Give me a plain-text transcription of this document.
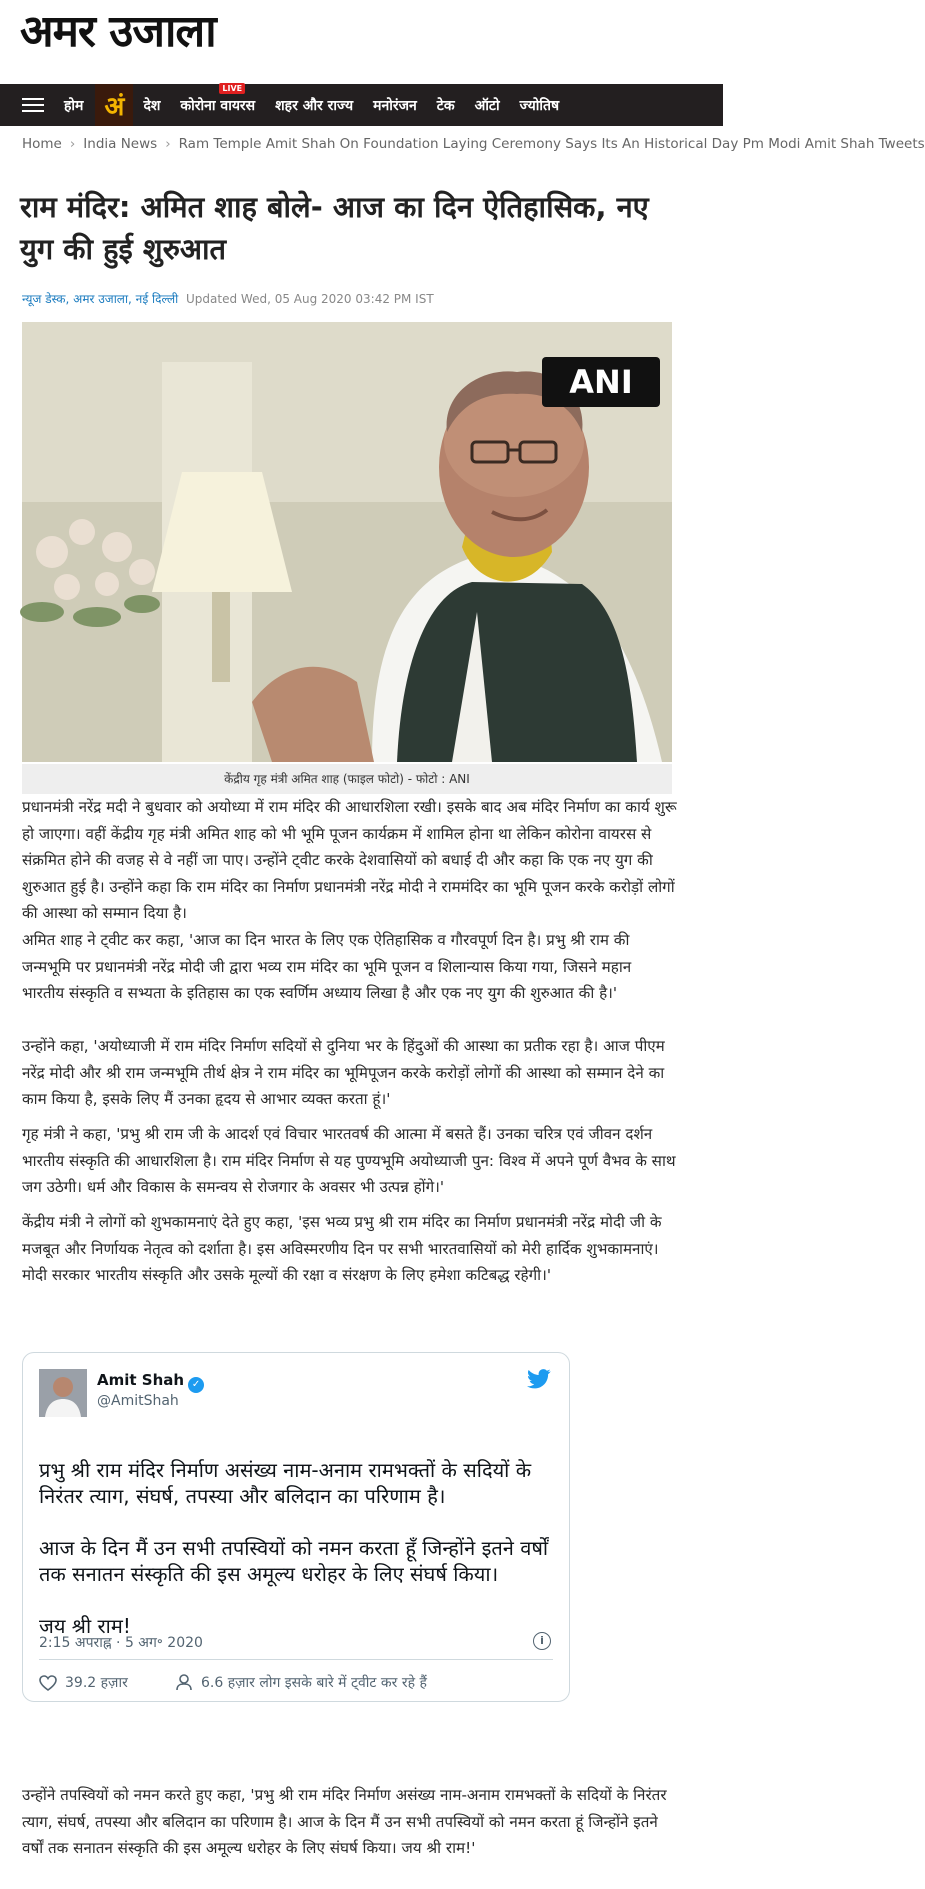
अमर उजाला
होम अं देश कोरोना वायरस
LIVE
शहर और राज्य मनोरंजन टेक ऑटो ज्योतिष
Home › India News › Ram Temple Amit Shah On Foundation Laying Ceremony Says Its An Historical Day Pm Modi Amit Shah Tweets
राम मंदिर: अमित शाह बोले- आज का दिन ऐतिहासिक, नए युग की हुई शुरुआत
न्यूज डेस्क, अमर उजाला, नई दिल्ली Updated Wed, 05 Aug 2020 03:42 PM IST
ANI
केंद्रीय गृह मंत्री अमित शाह (फाइल फोटो) - फोटो : ANI

प्रधानमंत्री नरेंद्र मदी ने बुधवार को अयोध्या में राम मंदिर की आधारशिला रखी। इसके बाद अब मंदिर निर्माण का कार्य शुरू हो जाएगा। वहीं केंद्रीय गृह मंत्री अमित शाह को भी भूमि पूजन कार्यक्रम में शामिल होना था लेकिन कोरोना वायरस से संक्रमित होने की वजह से वे नहीं जा पाए। उन्होंने ट्वीट करके देशवासियों को बधाई दी और कहा कि एक नए युग की शुरुआत हुई है। उन्होंने कहा कि राम मंदिर का निर्माण प्रधानमंत्री नरेंद्र मोदी ने राममंदिर का भूमि पूजन करके करोड़ों लोगों की आस्था को सम्मान दिया है।

अमित शाह ने ट्वीट कर कहा, 'आज का दिन भारत के लिए एक ऐतिहासिक व गौरवपूर्ण दिन है। प्रभु श्री राम की जन्मभूमि पर प्रधानमंत्री नरेंद्र मोदी जी द्वारा भव्य राम मंदिर का भूमि पूजन व शिलान्यास किया गया, जिसने महान भारतीय संस्कृति व सभ्यता के इतिहास का एक स्वर्णिम अध्याय लिखा है और एक नए युग की शुरुआत की है।'

उन्होंने कहा, 'अयोध्याजी में राम मंदिर निर्माण सदियों से दुनिया भर के हिंदुओं की आस्था का प्रतीक रहा है। आज पीएम नरेंद्र मोदी और श्री राम जन्मभूमि तीर्थ क्षेत्र ने राम मंदिर का भूमिपूजन करके करोड़ों लोगों की आस्था को सम्मान देने का काम किया है, इसके लिए मैं उनका हृदय से आभार व्यक्त करता हूं।'

गृह मंत्री ने कहा, 'प्रभु श्री राम जी के आदर्श एवं विचार भारतवर्ष की आत्मा में बसते हैं। उनका चरित्र एवं जीवन दर्शन भारतीय संस्कृति की आधारशिला है। राम मंदिर निर्माण से यह पुण्यभूमि अयोध्याजी पुन: विश्व में अपने पूर्ण वैभव के साथ जग उठेगी। धर्म और विकास के समन्वय से रोजगार के अवसर भी उत्पन्न होंगे।'

केंद्रीय मंत्री ने लोगों को शुभकामनाएं देते हुए कहा, 'इस भव्य प्रभु श्री राम मंदिर का निर्माण प्रधानमंत्री नरेंद्र मोदी जी के मजबूत और निर्णायक नेतृत्व को दर्शाता है। इस अविस्मरणीय दिन पर सभी भारतवासियों को मेरी हार्दिक शुभकामनाएं। मोदी सरकार भारतीय संस्कृति और उसके मूल्यों की रक्षा व संरक्षण के लिए हमेशा कटिबद्ध रहेगी।'

Amit Shah ✓
@AmitShah
प्रभु श्री राम मंदिर निर्माण असंख्य नाम-अनाम रामभक्तों के सदियों के निरंतर त्याग, संघर्ष, तपस्या और बलिदान का परिणाम है।

आज के दिन मैं उन सभी तपस्वियों को नमन करता हूँ जिन्होंने इतने वर्षों तक सनातन संस्कृति की इस अमूल्य धरोहर के लिए संघर्ष किया।

जय श्री राम!
2:15 अपराह्न · 5 अग॰ 2020	i
39.2 हज़ार	6.6 हज़ार लोग इसके बारे में ट्वीट कर रहे हैं

उन्होंने तपस्वियों को नमन करते हुए कहा, 'प्रभु श्री राम मंदिर निर्माण असंख्य नाम-अनाम रामभक्तों के सदियों के निरंतर त्याग, संघर्ष, तपस्या और बलिदान का परिणाम है। आज के दिन मैं उन सभी तपस्वियों को नमन करता हूं जिन्होंने इतने वर्षों तक सनातन संस्कृति की इस अमूल्य धरोहर के लिए संघर्ष किया। जय श्री राम!'
